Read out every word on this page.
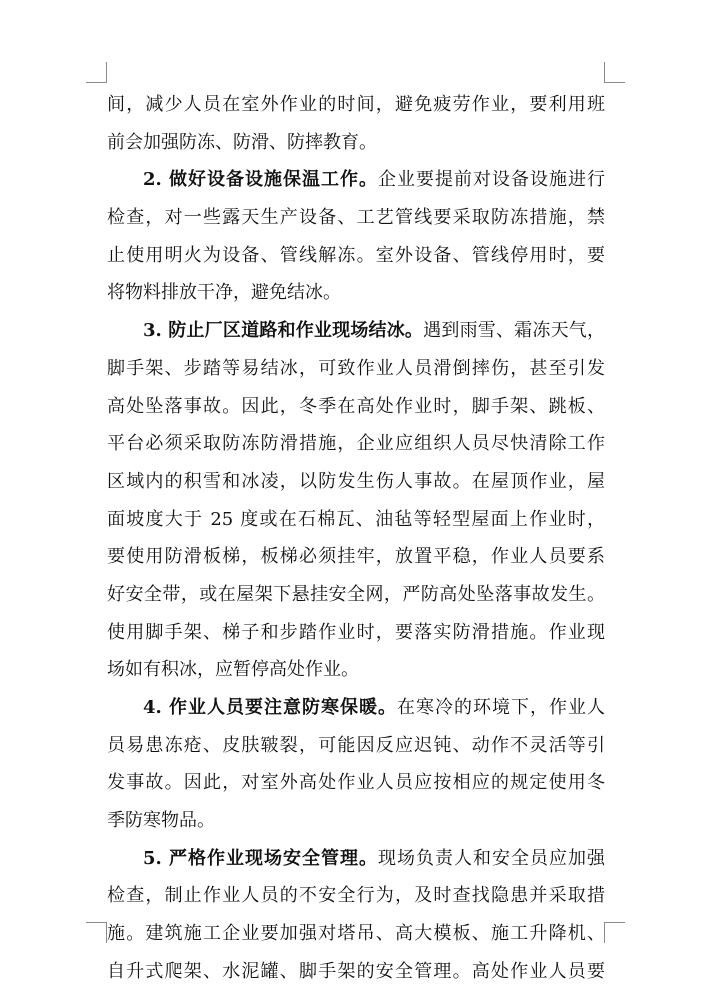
间，减少人员在室外作业的时间，避免疲劳作业，要利用班
前会加强防冻、防滑、防摔教育。
2. 做好设备设施保温工作。企业要提前对设备设施进行
检查，对一些露天生产设备、工艺管线要采取防冻措施，禁
止使用明火为设备、管线解冻。室外设备、管线停用时，要
将物料排放干净，避免结冰。
3. 防止厂区道路和作业现场结冰。遇到雨雪、霜冻天气，
脚手架、步踏等易结冰，可致作业人员滑倒摔伤，甚至引发
高处坠落事故。因此，冬季在高处作业时，脚手架、跳板、
平台必须采取防冻防滑措施，企业应组织人员尽快清除工作
区域内的积雪和冰凌，以防发生伤人事故。在屋顶作业，屋
面坡度大于 25 度或在石棉瓦、油毡等轻型屋面上作业时，
要使用防滑板梯，板梯必须挂牢，放置平稳，作业人员要系
好安全带，或在屋架下悬挂安全网，严防高处坠落事故发生。
使用脚手架、梯子和步踏作业时，要落实防滑措施。作业现
场如有积冰，应暂停高处作业。
4. 作业人员要注意防寒保暖。在寒冷的环境下，作业人
员易患冻疮、皮肤皲裂，可能因反应迟钝、动作不灵活等引
发事故。因此，对室外高处作业人员应按相应的规定使用冬
季防寒物品。
5. 严格作业现场安全管理。现场负责人和安全员应加强
检查，制止作业人员的不安全行为，及时查找隐患并采取措
施。建筑施工企业要加强对塔吊、高大模板、施工升降机、
自升式爬架、水泥罐、脚手架的安全管理。高处作业人员要
